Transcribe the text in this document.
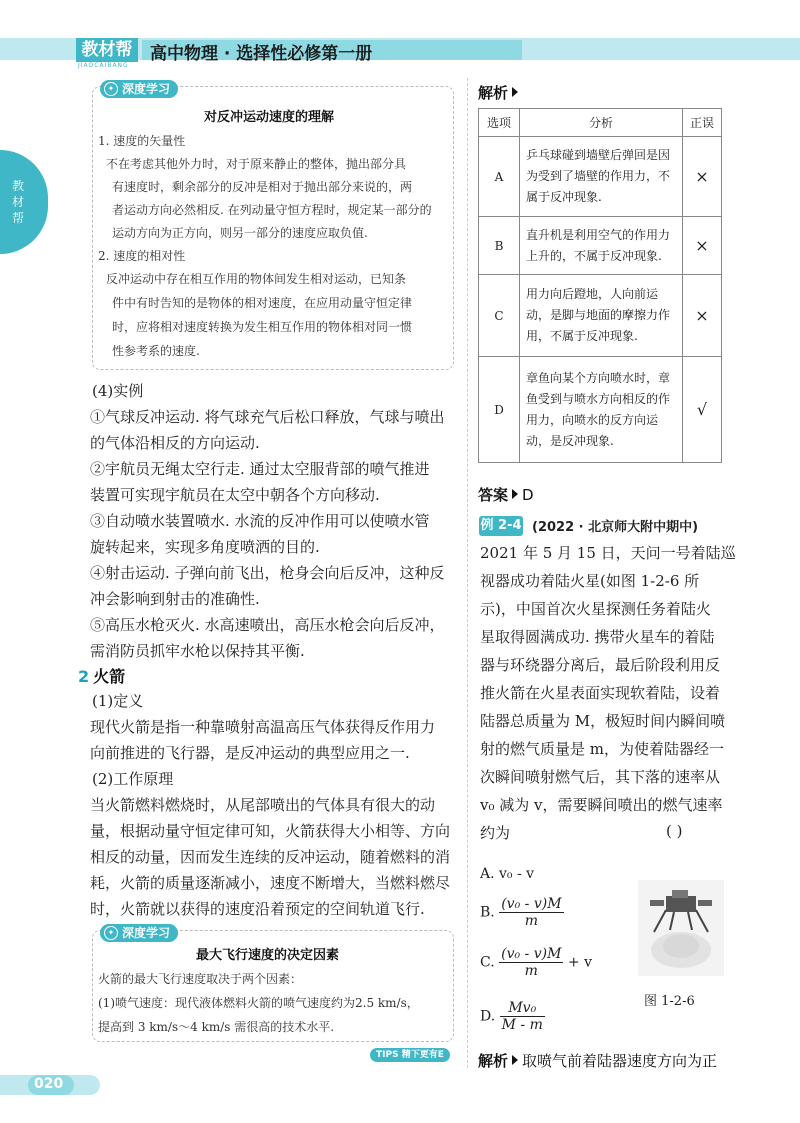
教材帮
JIAOCAIBANG
高中物理 · 选择性必修第一册
教材帮
✦ 深度学习
对反冲运动速度的理解
1. 速度的矢量性
不在考虑其他外力时，对于原来静止的整体，抛出部分具
有速度时，剩余部分的反冲是相对于抛出部分来说的，两
者运动方向必然相反. 在列动量守恒方程时，规定某一部分的
运动方向为正方向，则另一部分的速度应取负值.
2. 速度的相对性
反冲运动中存在相互作用的物体间发生相对运动，已知条
件中有时告知的是物体的相对速度，在应用动量守恒定律
时，应将相对速度转换为发生相互作用的物体相对同一惯
性参考系的速度.
(4)实例
①气球反冲运动. 将气球充气后松口释放，气球与喷出
的气体沿相反的方向运动.
②宇航员无绳太空行走. 通过太空服背部的喷气推进
装置可实现宇航员在太空中朝各个方向移动.
③自动喷水装置喷水. 水流的反冲作用可以使喷水管
旋转起来，实现多角度喷洒的目的.
④射击运动. 子弹向前飞出，枪身会向后反冲，这种反
冲会影响到射击的准确性.
⑤高压水枪灭火. 水高速喷出，高压水枪会向后反冲，
需消防员抓牢水枪以保持其平衡.
2 火箭
(1)定义
现代火箭是指一种靠喷射高温高压气体获得反作用力
向前推进的飞行器，是反冲运动的典型应用之一.
(2)工作原理
当火箭燃料燃烧时，从尾部喷出的气体具有很大的动
量，根据动量守恒定律可知，火箭获得大小相等、方向
相反的动量，因而发生连续的反冲运动，随着燃料的消
耗，火箭的质量逐渐减小，速度不断增大，当燃料燃尽
时，火箭就以获得的速度沿着预定的空间轨道飞行.
✦ 深度学习
最大飞行速度的决定因素
火箭的最大飞行速度取决于两个因素：
(1)喷气速度：现代液体燃料火箭的喷气速度约为2.5 km/s，
提高到 3 km/s～4 km/s 需很高的技术水平.
解析
选项	分析	正误
A	乒乓球碰到墙壁后弹回是因为受到了墙壁的作用力，不属于反冲现象.	×
B	直升机是利用空气的作用力上升的，不属于反冲现象.	×
C	用力向后蹬地，人向前运动，是脚与地面的摩擦力作用，不属于反冲现象.	×
D	章鱼向某个方向喷水时，章鱼受到与喷水方向相反的作用力，向喷水的反方向运动，是反冲现象.	√
答案 D
例 2-4 (2022 · 北京师大附中期中)
2021 年 5 月 15 日，天问一号着陆巡
视器成功着陆火星(如图 1-2-6 所
示)，中国首次火星探测任务着陆火
星取得圆满成功. 携带火星车的着陆
器与环绕器分离后，最后阶段利用反
推火箭在火星表面实现软着陆，设着
陆器总质量为 M，极短时间内瞬间喷
射的燃气质量是 m，为使着陆器经一
次瞬间喷射燃气后，其下落的速率从
v₀ 减为 v，需要瞬间喷出的燃气速率
约为	( )
A. v₀ - v
B. $\frac{\text{(v₀ - v)M}}{m}$
C. $\frac{\text{(v₀ - v)M}}{m} + v$
D. $\frac{\text{Mv₀}}{M - m}$	图 1-2-6
解析 取喷气前着陆器速度方向为正
020
TIPS 精下更有E
